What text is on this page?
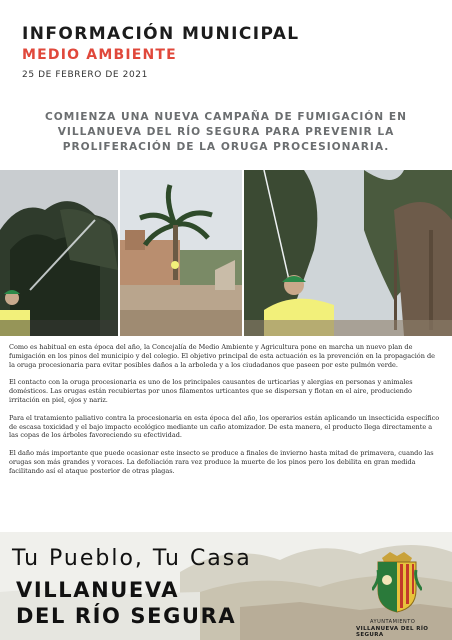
INFORMACIÓN MUNICIPAL
MEDIO AMBIENTE
25 DE FEBRERO DE 2021
COMIENZA UNA NUEVA CAMPAÑA DE FUMIGACIÓN EN VILLANUEVA DEL RÍO SEGURA PARA PREVENIR LA PROLIFERACIÓN DE LA ORUGA PROCESIONARIA.

Como es habitual en esta época del año, la Concejalía de Medio Ambiente y Agricultura pone en marcha un nuevo plan de fumigación en los pinos del municipio y del colegio. El objetivo principal de esta actuación es la prevención en la propagación de la oruga procesionaria para evitar posibles daños a la arboleda y a los ciudadanos que paseen por este pulmón verde.

El contacto con la oruga procesionaria es uno de los principales causantes de urticarias y alergias en personas y animales domésticos. Las orugas están recubiertas por unos filamentos urticantes que se dispersan y flotan en el aire, produciendo irritación en piel, ojos y nariz.

Para el tratamiento paliativo contra la procesionaria en esta época del año, los operarios están aplicando un insecticida específico de escasa toxicidad y el bajo impacto ecológico mediante un caño atomizador. De esta manera, el producto llega directamente a las copas de los árboles favoreciendo su efectividad.

El daño más importante que puede ocasionar este insecto se produce a finales de invierno hasta mitad de primavera, cuando las orugas son más grandes y voraces. La defoliación rara vez produce la muerte de los pinos pero los debilita en gran medida facilitando así el ataque posterior de otras plagas.

Tu Pueblo, Tu Casa
VILLANUEVA
DEL RÍO SEGURA	AYUNTAMIENTO
VILLANUEVA DEL RÍO SEGURA
